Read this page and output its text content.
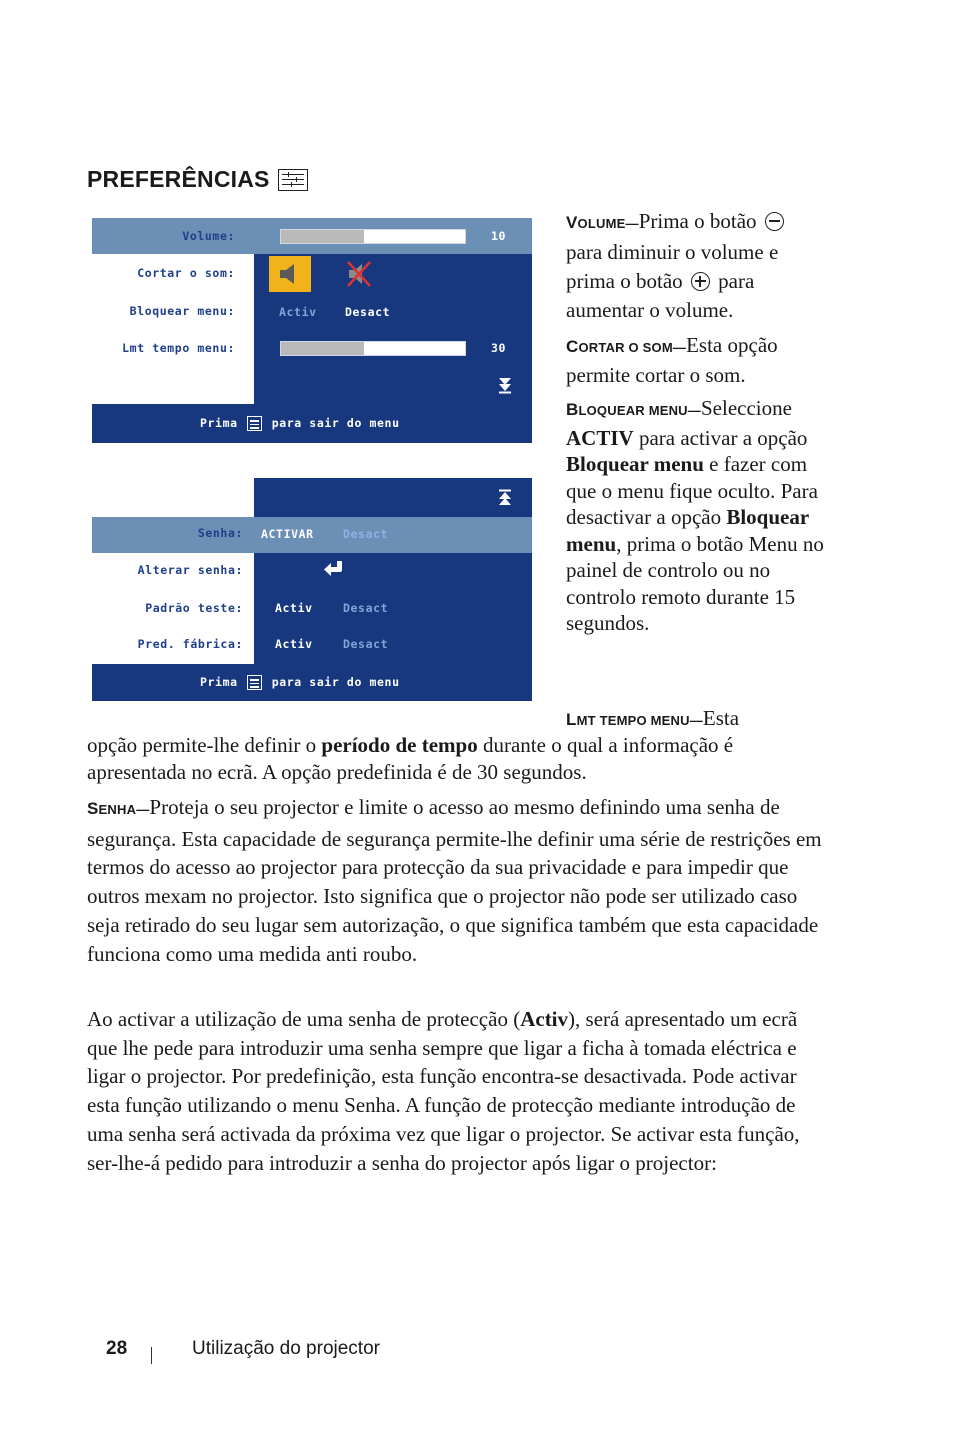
PREFERÊNCIAS
Volume:	10
Cortar o som:
Bloquear menu:	Activ Desact
Lmt tempo menu:	30
Prima	para sair do menu
Senha: ACTIVAR	Desact
Alterar senha:
Padrão teste:	Activ	Desact
Pred. fábrica:	Activ	Desact
Prima	para sair do menu
VOLUME—Prima o botão
para diminuir o volume e prima o botão para aumentar o volume.
CORTAR O SOM—Esta opção permite cortar o som.
BLOQUEAR MENU—Seleccione ACTIV para activar a opção Bloquear menu e fazer com que o menu fique oculto. Para desactivar a opção Bloquear menu, prima o botão Menu no painel de controlo ou no controlo remoto durante 15 segundos.
LMT TEMPO MENU—Esta
opção permite-lhe definir o período de tempo durante o qual a informação é apresentada no ecrã. A opção predefinida é de 30 segundos.
SENHA—Proteja o seu projector e limite o acesso ao mesmo definindo uma senha de segurança. Esta capacidade de segurança permite-lhe definir uma série de restrições em termos do acesso ao projector para protecção da sua privacidade e para impedir que outros mexam no projector. Isto significa que o projector não pode ser utilizado caso seja retirado do seu lugar sem autorização, o que significa também que esta capacidade funciona como uma medida anti roubo.
Ao activar a utilização de uma senha de protecção (Activ), será apresentado um ecrã que lhe pede para introduzir uma senha sempre que ligar a ficha à tomada eléctrica e ligar o projector. Por predefinição, esta função encontra-se desactivada. Pode activar esta função utilizando o menu Senha. A função de protecção mediante introdução de uma senha será activada da próxima vez que ligar o projector. Se activar esta função, ser-lhe-á pedido para introduzir a senha do projector após ligar o projector:
28	Utilização do projector
